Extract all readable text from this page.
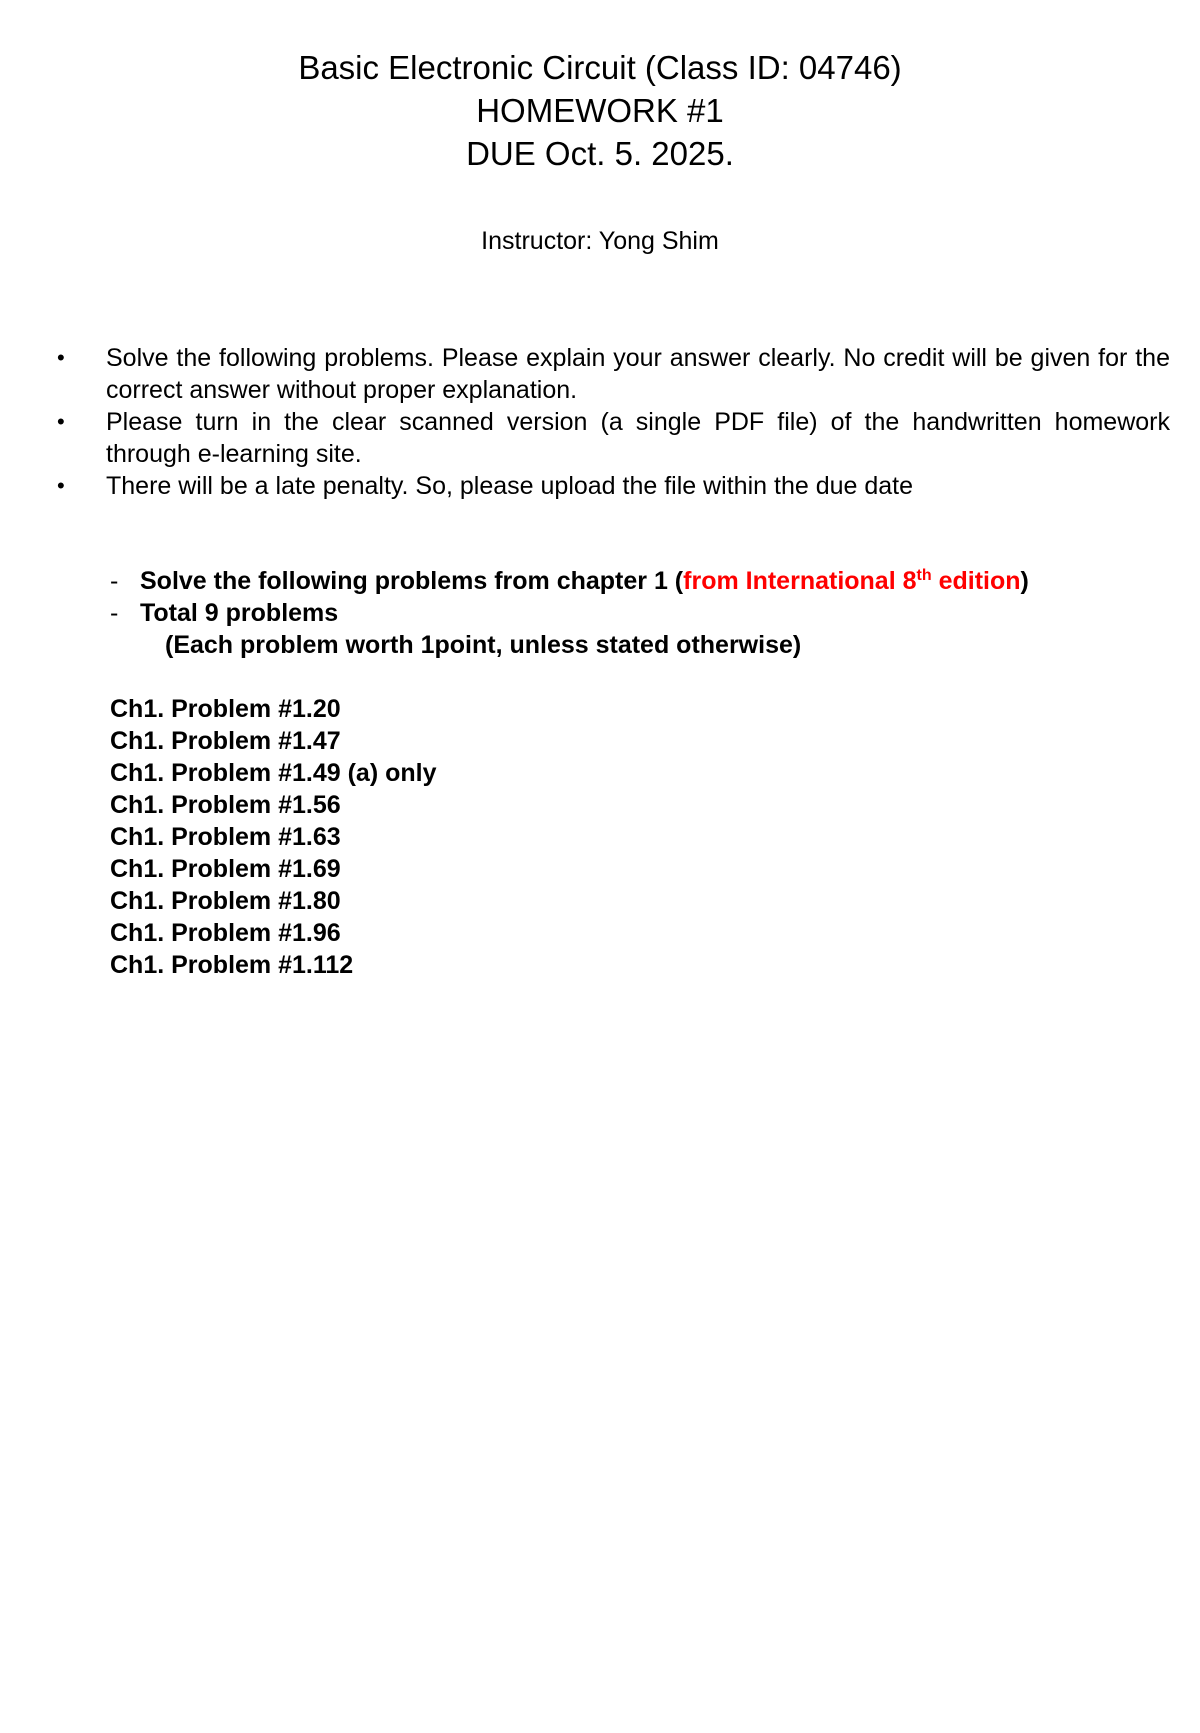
Basic Electronic Circuit (Class ID: 04746)
HOMEWORK #1
DUE Oct. 5. 2025.
Instructor: Yong Shim
• Solve the following problems. Please explain your answer clearly. No credit will be given for the correct answer without proper explanation.
• Please turn in the clear scanned version (a single PDF file) of the handwritten homework through e-learning site.
• There will be a late penalty. So, please upload the file within the due date
- Solve the following problems from chapter 1 (from International 8th edition)
- Total 9 problems
(Each problem worth 1point, unless stated otherwise)
Ch1. Problem #1.20
Ch1. Problem #1.47
Ch1. Problem #1.49 (a) only
Ch1. Problem #1.56
Ch1. Problem #1.63
Ch1. Problem #1.69
Ch1. Problem #1.80
Ch1. Problem #1.96
Ch1. Problem #1.112
